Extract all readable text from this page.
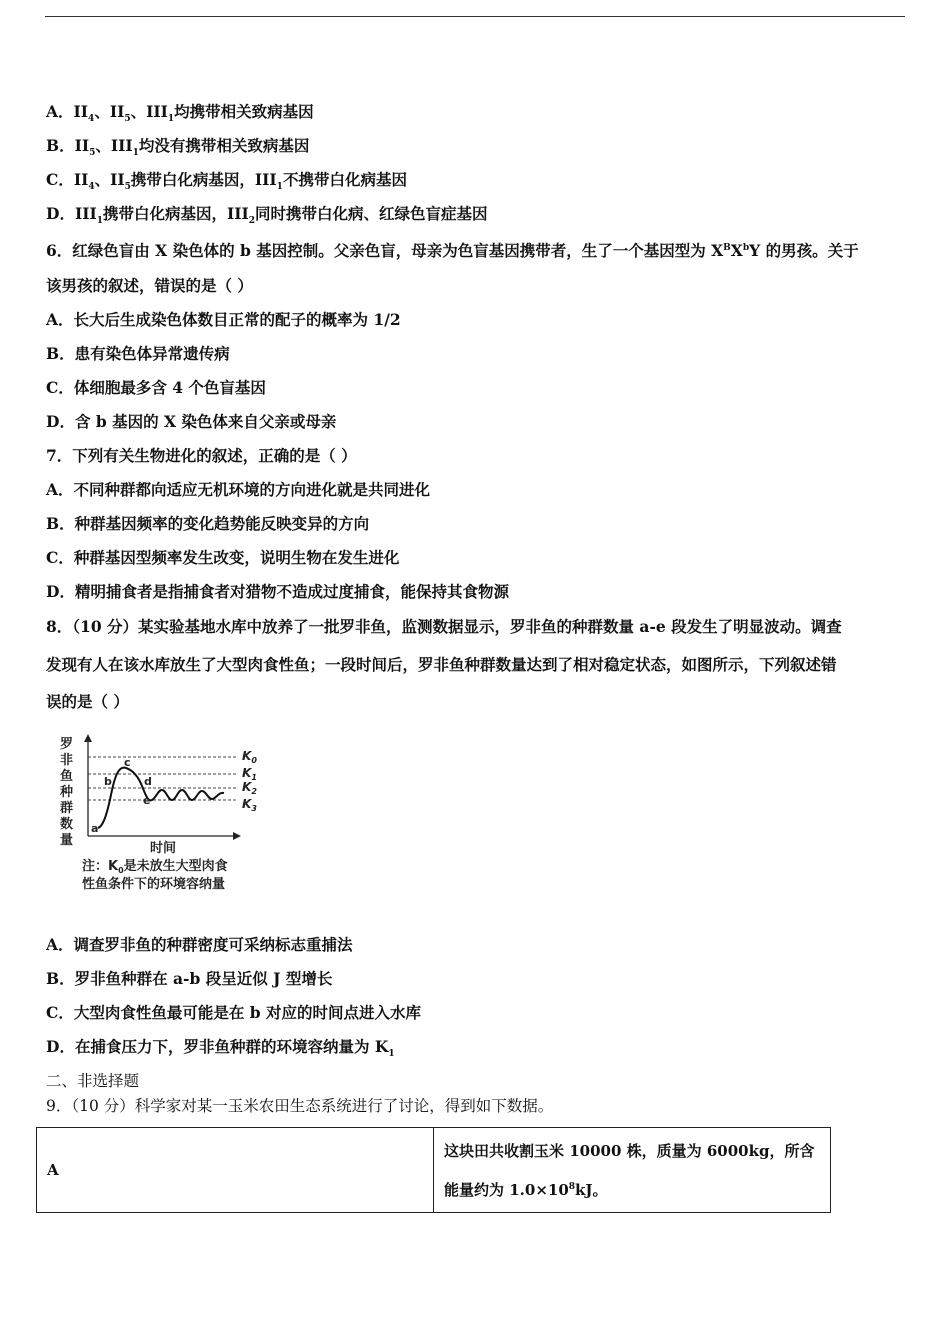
A．$II_4$、$II_5$、$III_1$均携带相关致病基因
B．$II_5$、$III_1$均没有携带相关致病基因
C．$II_4$、$II_5$携带白化病基因，$III_1$不携带白化病基因
D．$III_1$携带白化病基因，$III_2$同时携带白化病、红绿色盲症基因
6．红绿色盲由 X 染色体的 b 基因控制。父亲色盲，母亲为色盲基因携带者，生了一个基因型为 $X^BX^bY$ 的男孩。关于
该男孩的叙述，错误的是（ ）
A．长大后生成染色体数目正常的配子的概率为 1/2
B．患有染色体异常遗传病
C．体细胞最多含 4 个色盲基因
D．含 b 基因的 X 染色体来自父亲或母亲
7．下列有关生物进化的叙述，正确的是（ ）
A．不同种群都向适应无机环境的方向进化就是共同进化
B．种群基因频率的变化趋势能反映变异的方向
C．种群基因型频率发生改变，说明生物在发生进化
D．精明捕食者是指捕食者对猎物不造成过度捕食，能保持其食物源
8．（10 分）某实验基地水库中放养了一批罗非鱼，监测数据显示，罗非鱼的种群数量 a-e 段发生了明显波动。调查
发现有人在该水库放生了大型肉食性鱼；一段时间后，罗非鱼种群数量达到了相对稳定状态，如图所示，下列叙述错
误的是（ ）
罗
非
鱼
种
群
数
量
$K_0$
$K_1$
$K_2$
$K_3$
a
b
c
d
e
时间
注：$K_0$是未放生大型肉食
性鱼条件下的环境容纳量
A．调查罗非鱼的种群密度可采纳标志重捕法
B．罗非鱼种群在 a-b 段呈近似 J 型增长
C．大型肉食性鱼最可能是在 b 对应的时间点进入水库
D．在捕食压力下，罗非鱼种群的环境容纳量为 $K_1$
二、非选择题
9．（10 分）科学家对某一玉米农田生态系统进行了讨论，得到如下数据。
A	这块田共收割玉米 10000 株，质量为 6000kg，所含
能量约为 $1.0\times 10^8kJ$。
